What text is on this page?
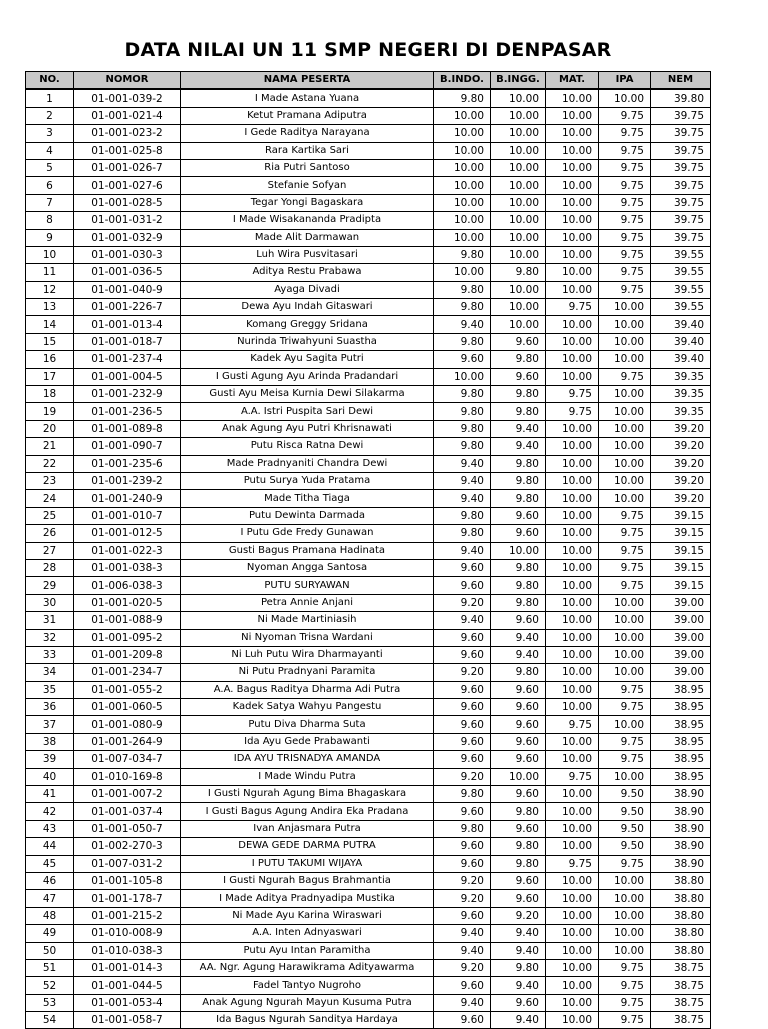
DATA NILAI UN 11 SMP NEGERI DI DENPASAR
NO.	NOMOR	NAMA PESERTA	B.INDO.	B.INGG.	MAT.	IPA	NEM
1	01-001-039-2	I Made Astana Yuana	9.80	10.00	10.00	10.00	39.80
2	01-001-021-4	Ketut Pramana Adiputra	10.00	10.00	10.00	9.75	39.75
3	01-001-023-2	I Gede Raditya Narayana	10.00	10.00	10.00	9.75	39.75
4	01-001-025-8	Rara Kartika Sari	10.00	10.00	10.00	9.75	39.75
5	01-001-026-7	Ria Putri Santoso	10.00	10.00	10.00	9.75	39.75
6	01-001-027-6	Stefanie Sofyan	10.00	10.00	10.00	9.75	39.75
7	01-001-028-5	Tegar Yongi Bagaskara	10.00	10.00	10.00	9.75	39.75
8	01-001-031-2	I Made Wisakananda Pradipta	10.00	10.00	10.00	9.75	39.75
9	01-001-032-9	Made Alit Darmawan	10.00	10.00	10.00	9.75	39.75
10	01-001-030-3	Luh Wira Pusvitasari	9.80	10.00	10.00	9.75	39.55
11	01-001-036-5	Aditya Restu Prabawa	10.00	9.80	10.00	9.75	39.55
12	01-001-040-9	Ayaga Divadi	9.80	10.00	10.00	9.75	39.55
13	01-001-226-7	Dewa Ayu Indah Gitaswari	9.80	10.00	9.75	10.00	39.55
14	01-001-013-4	Komang Greggy Sridana	9.40	10.00	10.00	10.00	39.40
15	01-001-018-7	Nurinda Triwahyuni Suastha	9.80	9.60	10.00	10.00	39.40
16	01-001-237-4	Kadek Ayu Sagita Putri	9.60	9.80	10.00	10.00	39.40
17	01-001-004-5	I Gusti Agung Ayu Arinda Pradandari	10.00	9.60	10.00	9.75	39.35
18	01-001-232-9	Gusti Ayu Meisa Kurnia Dewi Silakarma	9.80	9.80	9.75	10.00	39.35
19	01-001-236-5	A.A. Istri Puspita Sari Dewi	9.80	9.80	9.75	10.00	39.35
20	01-001-089-8	Anak Agung Ayu Putri Khrisnawati	9.80	9.40	10.00	10.00	39.20
21	01-001-090-7	Putu Risca Ratna Dewi	9.80	9.40	10.00	10.00	39.20
22	01-001-235-6	Made Pradnyaniti Chandra Dewi	9.40	9.80	10.00	10.00	39.20
23	01-001-239-2	Putu Surya Yuda Pratama	9.40	9.80	10.00	10.00	39.20
24	01-001-240-9	Made Titha Tiaga	9.40	9.80	10.00	10.00	39.20
25	01-001-010-7	Putu Dewinta Darmada	9.80	9.60	10.00	9.75	39.15
26	01-001-012-5	I Putu Gde Fredy Gunawan	9.80	9.60	10.00	9.75	39.15
27	01-001-022-3	Gusti Bagus Pramana Hadinata	9.40	10.00	10.00	9.75	39.15
28	01-001-038-3	Nyoman Angga Santosa	9.60	9.80	10.00	9.75	39.15
29	01-006-038-3	PUTU SURYAWAN	9.60	9.80	10.00	9.75	39.15
30	01-001-020-5	Petra Annie Anjani	9.20	9.80	10.00	10.00	39.00
31	01-001-088-9	Ni Made Martiniasih	9.40	9.60	10.00	10.00	39.00
32	01-001-095-2	Ni Nyoman Trisna Wardani	9.60	9.40	10.00	10.00	39.00
33	01-001-209-8	Ni Luh Putu Wira Dharmayanti	9.60	9.40	10.00	10.00	39.00
34	01-001-234-7	Ni Putu Pradnyani Paramita	9.20	9.80	10.00	10.00	39.00
35	01-001-055-2	A.A. Bagus Raditya Dharma Adi Putra	9.60	9.60	10.00	9.75	38.95
36	01-001-060-5	Kadek Satya Wahyu Pangestu	9.60	9.60	10.00	9.75	38.95
37	01-001-080-9	Putu Diva Dharma Suta	9.60	9.60	9.75	10.00	38.95
38	01-001-264-9	Ida Ayu Gede Prabawanti	9.60	9.60	10.00	9.75	38.95
39	01-007-034-7	IDA AYU TRISNADYA AMANDA	9.60	9.60	10.00	9.75	38.95
40	01-010-169-8	I Made Windu Putra	9.20	10.00	9.75	10.00	38.95
41	01-001-007-2	I Gusti Ngurah Agung Bima Bhagaskara	9.80	9.60	10.00	9.50	38.90
42	01-001-037-4	I Gusti Bagus Agung Andira Eka Pradana	9.60	9.80	10.00	9.50	38.90
43	01-001-050-7	Ivan Anjasmara Putra	9.80	9.60	10.00	9.50	38.90
44	01-002-270-3	DEWA GEDE DARMA PUTRA	9.60	9.80	10.00	9.50	38.90
45	01-007-031-2	I PUTU TAKUMI WIJAYA	9.60	9.80	9.75	9.75	38.90
46	01-001-105-8	I Gusti Ngurah Bagus Brahmantia	9.20	9.60	10.00	10.00	38.80
47	01-001-178-7	I Made Aditya Pradnyadipa Mustika	9.20	9.60	10.00	10.00	38.80
48	01-001-215-2	Ni Made Ayu Karina Wiraswari	9.60	9.20	10.00	10.00	38.80
49	01-010-008-9	A.A. Inten Adnyaswari	9.40	9.40	10.00	10.00	38.80
50	01-010-038-3	Putu Ayu Intan Paramitha	9.40	9.40	10.00	10.00	38.80
51	01-001-014-3	AA. Ngr. Agung Harawikrama Adityawarma	9.20	9.80	10.00	9.75	38.75
52	01-001-044-5	Fadel Tantyo Nugroho	9.60	9.40	10.00	9.75	38.75
53	01-001-053-4	Anak Agung Ngurah Mayun Kusuma Putra	9.40	9.60	10.00	9.75	38.75
54	01-001-058-7	Ida Bagus Ngurah Sanditya Hardaya	9.60	9.40	10.00	9.75	38.75
